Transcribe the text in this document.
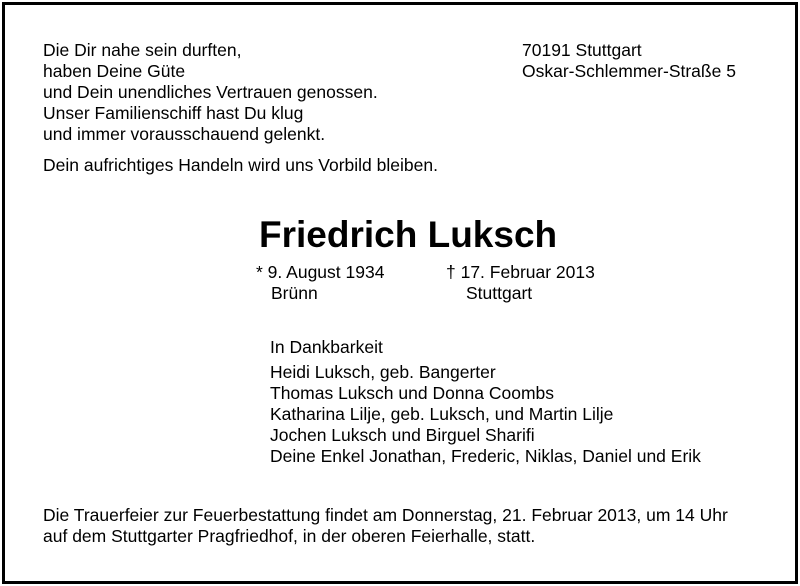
Die Dir nahe sein durften,
haben Deine Güte
und Dein unendliches Vertrauen genossen.
Unser Familienschiff hast Du klug
und immer vorausschauend gelenkt.
70191 Stuttgart
Oskar-Schlemmer-Straße 5
Dein aufrichtiges Handeln wird uns Vorbild bleiben.
Friedrich Luksch
* 9. August 1934
Brünn
† 17. Februar 2013
Stuttgart
In Dankbarkeit
Heidi Luksch, geb. Bangerter
Thomas Luksch und Donna Coombs
Katharina Lilje, geb. Luksch, und Martin Lilje
Jochen Luksch und Birguel Sharifi
Deine Enkel Jonathan, Frederic, Niklas, Daniel und Erik
Die Trauerfeier zur Feuerbestattung findet am Donnerstag, 21. Februar 2013, um 14 Uhr
auf dem Stuttgarter Pragfriedhof, in der oberen Feierhalle, statt.
